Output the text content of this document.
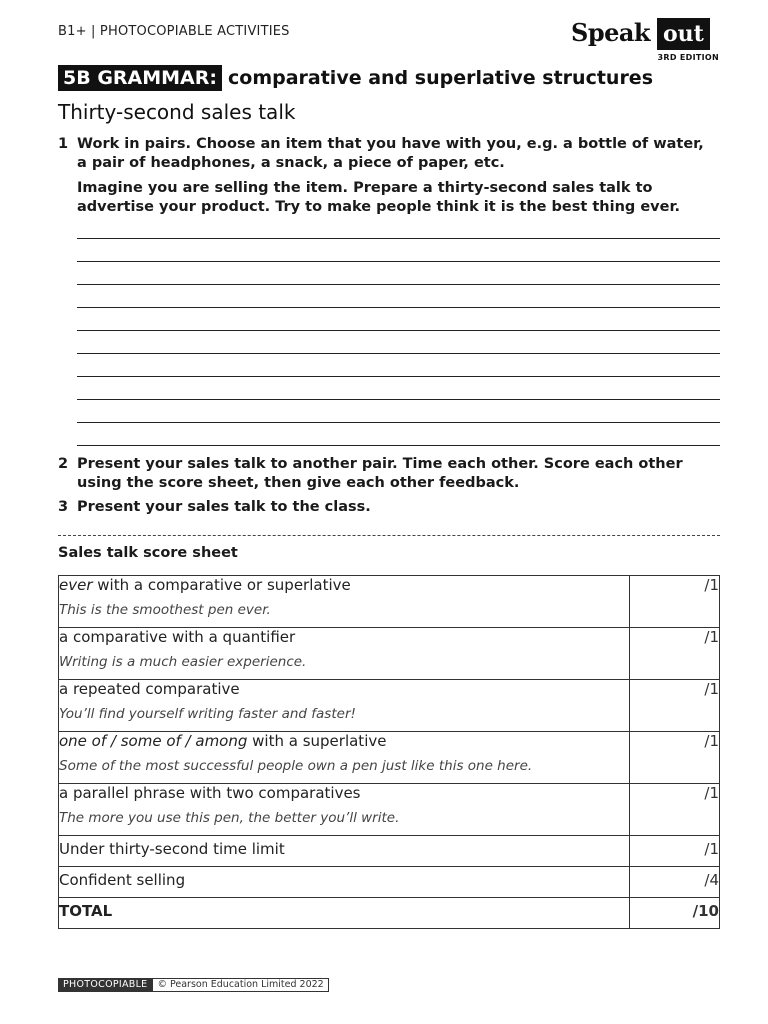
B1+ | PHOTOCOPIABLE ACTIVITIES	Speak out
3RD EDITION
5B GRAMMAR: comparative and superlative structures
Thirty-second sales talk
1 Work in pairs. Choose an item that you have with you, e.g. a bottle of water, a pair of headphones, a snack, a piece of paper, etc.
Imagine you are selling the item. Prepare a thirty-second sales talk to advertise your product. Try to make people think it is the best thing ever.
2 Present your sales talk to another pair. Time each other. Score each other using the score sheet, then give each other feedback.
3 Present your sales talk to the class.
Sales talk score sheet
ever with a comparative or superlative
This is the smoothest pen ever.	/1

a comparative with a quantifier
Writing is a much easier experience.	/1

a repeated comparative
You’ll find yourself writing faster and faster!	/1

one of / some of / among with a superlative
Some of the most successful people own a pen just like this one here.	/1

a parallel phrase with two comparatives
The more you use this pen, the better you’ll write.	/1

Under thirty-second time limit	/1

Confident selling	/4

TOTAL	/10
PHOTOCOPIABLE	© Pearson Education Limited 2022
